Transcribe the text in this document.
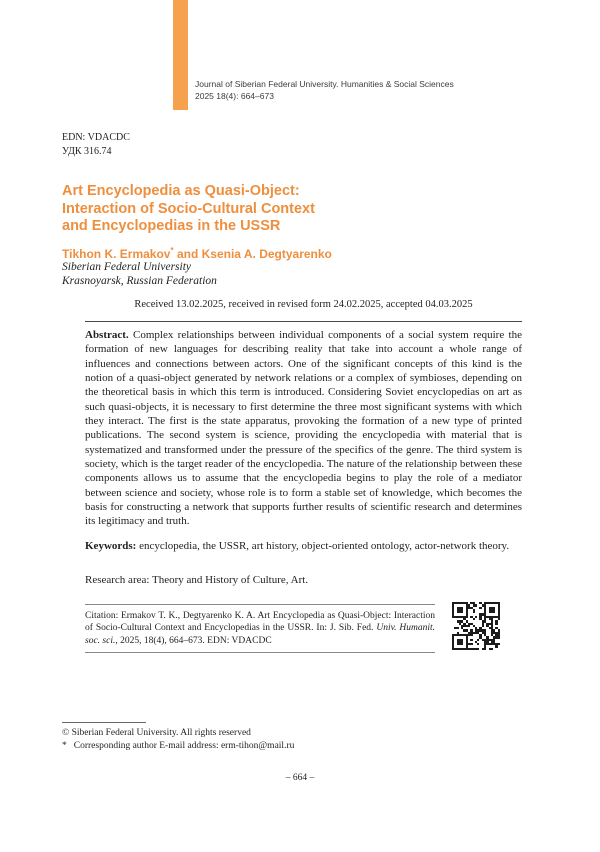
Journal of Siberian Federal University. Humanities & Social Sciences
2025 18(4): 664–673
EDN: VDACDC
УДК 316.74
Art Encyclopedia as Quasi-Object:
Interaction of Socio-Cultural Context
and Encyclopedias in the USSR
Tikhon K. Ermakov* and Ksenia A. Degtyarenko
Siberian Federal University
Krasnoyarsk, Russian Federation
Received 13.02.2025, received in revised form 24.02.2025, accepted 04.03.2025
Abstract. Complex relationships between individual components of a social system require the formation of new languages for describing reality that take into account a whole range of influences and connections between actors. One of the significant concepts of this kind is the notion of a quasi-object generated by network relations or a complex of symbioses, depending on the theoretical basis in which this term is introduced. Considering Soviet encyclopedias on art as such quasi-objects, it is necessary to first determine the three most significant systems with which they interact. The first is the state apparatus, provoking the formation of a new type of printed publications. The second system is science, providing the encyclopedia with material that is systematized and transformed under the pressure of the specifics of the genre. The third system is society, which is the target reader of the encyclopedia. The nature of the relationship between these components allows us to assume that the encyclopedia begins to play the role of a mediator between science and society, whose role is to form a stable set of knowledge, which becomes the basis for constructing a network that supports further results of scientific research and determines its legitimacy and truth.
Keywords: encyclopedia, the USSR, art history, object-oriented ontology, actor-network theory.
Research area: Theory and History of Culture, Art.
Citation: Ermakov T. K., Degtyarenko K. A. Art Encyclopedia as Quasi-Object: Interaction of Socio-Cultural Context and Encyclopedias in the USSR. In: J. Sib. Fed. Univ. Humanit. soc. sci., 2025, 18(4), 664–673. EDN: VDACDC
© Siberian Federal University. All rights reserved
* Corresponding author E-mail address: erm-tihon@mail.ru
– 664 –
